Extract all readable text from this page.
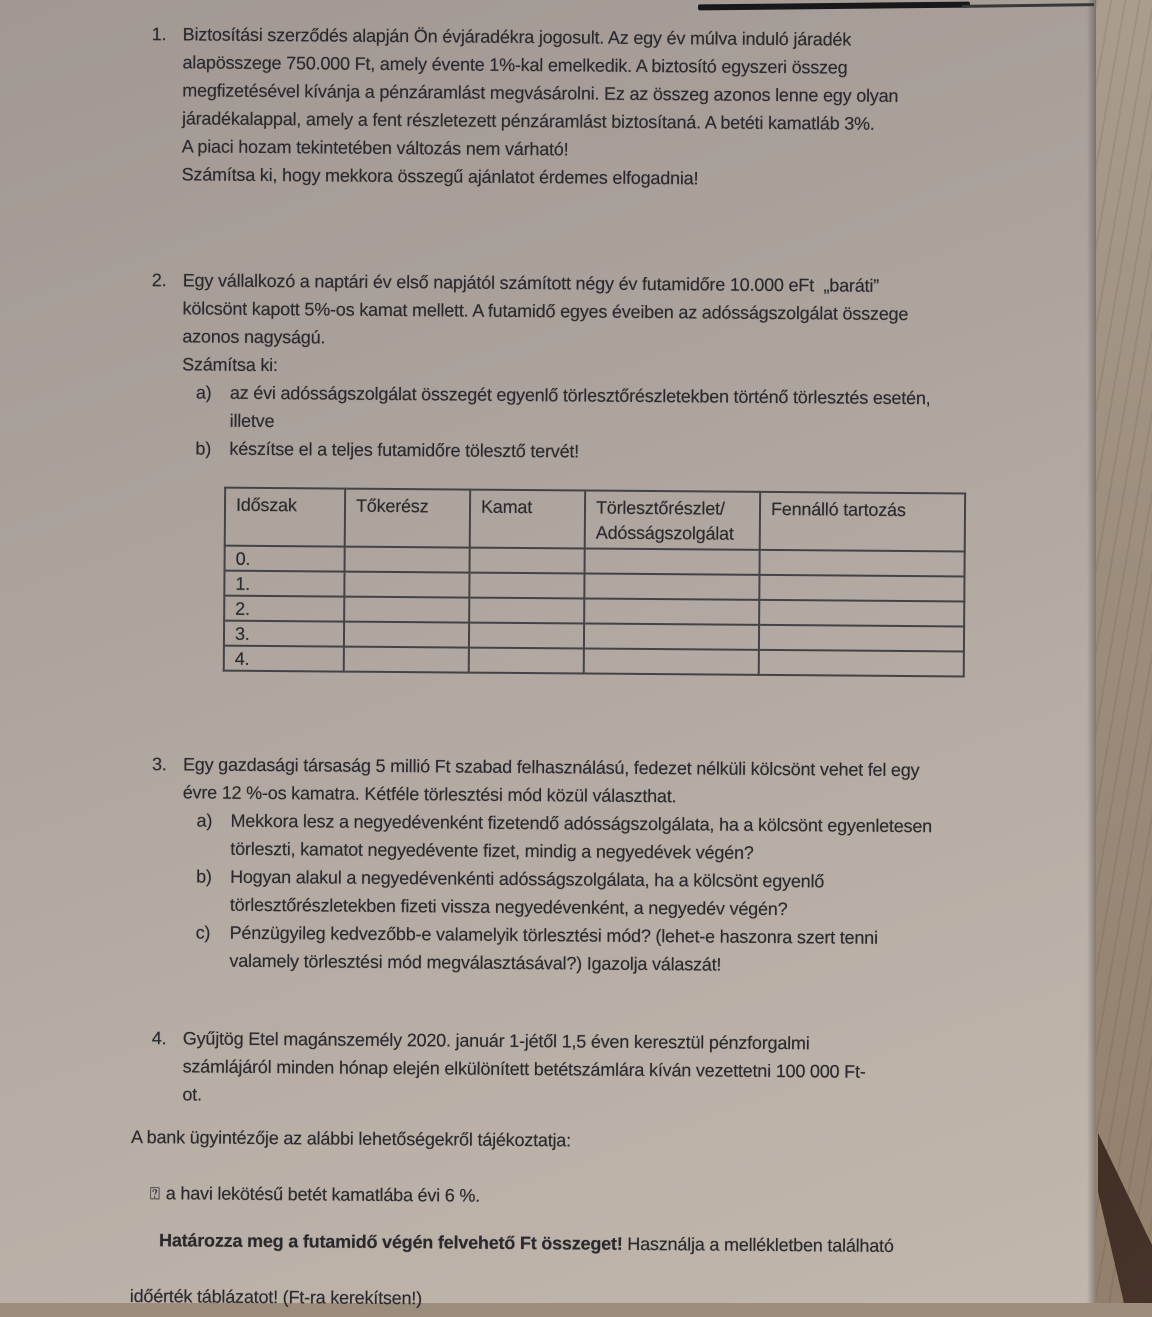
1. Biztosítási szerződés alapján Ön évjáradékra jogosult. Az egy év múlva induló járadék
alapösszege 750.000 Ft, amely évente 1%-kal emelkedik. A biztosító egyszeri összeg
megfizetésével kívánja a pénzáramlást megvásárolni. Ez az összeg azonos lenne egy olyan
járadékalappal, amely a fent részletezett pénzáramlást biztosítaná. A betéti kamatláb 3%.
A piaci hozam tekintetében változás nem várható!
Számítsa ki, hogy mekkora összegű ajánlatot érdemes elfogadnia!
2. Egy vállalkozó a naptári év első napjától számított négy év futamidőre 10.000 eFt  „baráti”
kölcsönt kapott 5%-os kamat mellett. A futamidő egyes éveiben az adósságszolgálat összege
azonos nagyságú.
Számítsa ki:
a)	az évi adósságszolgálat összegét egyenlő törlesztőrészletekben történő törlesztés esetén,
illetve
b)	készítse el a teljes futamidőre tölesztő tervét!
Időszak	Tőkerész	Kamat	Törlesztőrészlet/
Adósságszolgálat	Fennálló tartozás
0.				
1.				
2.				
3.				
4.				
3. Egy gazdasági társaság 5 millió Ft szabad felhasználású, fedezet nélküli kölcsönt vehet fel egy
évre 12 %-os kamatra. Kétféle törlesztési mód közül választhat.
a)	Mekkora lesz a negyedévenként fizetendő adósságszolgálata, ha a kölcsönt egyenletesen
törleszti, kamatot negyedévente fizet, mindig a negyedévek végén?
b)	Hogyan alakul a negyedévenkénti adósságszolgálata, ha a kölcsönt egyenlő
törlesztőrészletekben fizeti vissza negyedévenként, a negyedév végén?
c)	Pénzügyileg kedvezőbb-e valamelyik törlesztési mód? (lehet-e haszonra szert tenni
valamely törlesztési mód megválasztásával?) Igazolja válaszát!
4. Gyűjtög Etel magánszemély 2020. január 1-jétől 1,5 éven keresztül pénzforgalmi
számlájáról minden hónap elején elkülönített betétszámlára kíván vezettetni 100 000 Ft-
ot.
A bank ügyintézője az alábbi lehetőségekről tájékoztatja:

⍰ a havi lekötésű betét kamatlába évi 6 %.

Határozza meg a futamidő végén felvehető Ft összeget! Használja a mellékletben található

időérték táblázatot! (Ft-ra kerekítsen!)
